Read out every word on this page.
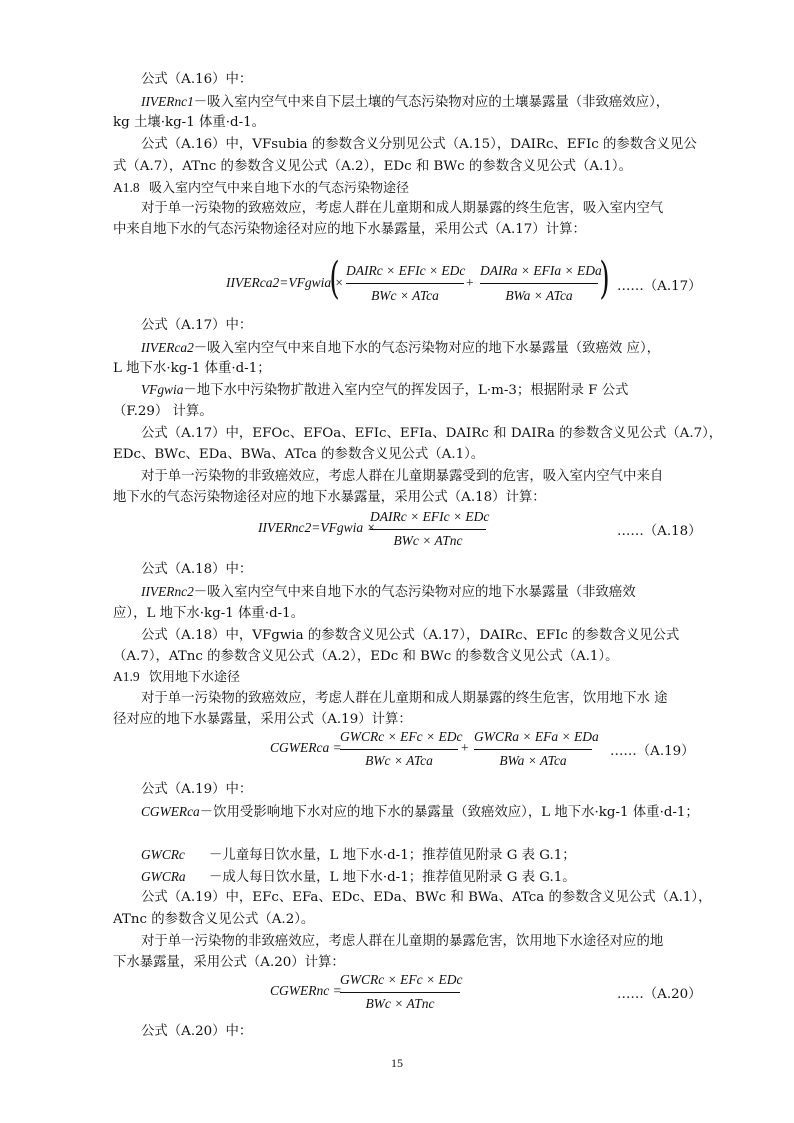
公式（A.16）中：
IIVERnc1－吸入室内空气中来自下层土壤的气态污染物对应的土壤暴露量（非致癌效应），
kg 土壤·kg-1 体重·d-1。
公式（A.16）中，VFsubia 的参数含义分别见公式（A.15），DAIRc、EFIc 的参数含义见公
式（A.7），ATnc 的参数含义见公式（A.2），EDc 和 BWc 的参数含义见公式（A.1）。
A1.8 吸入室内空气中来自地下水的气态污染物途径
对于单一污染物的致癌效应，考虑人群在儿童期和成人期暴露的终生危害，吸入室内空气
中来自地下水的气态污染物途径对应的地下水暴露量，采用公式（A.17）计算：
IIVERca2=VFgwia ×
( DAIRc × EFIc × EDc
BWc × ATca
+
DAIRa × EFIa × EDa
BWa × ATca ) ……（A.17）
公式（A.17）中：
IIVERca2－吸入室内空气中来自地下水的气态污染物对应的地下水暴露量（致癌效 应），
L 地下水·kg-1 体重·d-1；
VFgwia－地下水中污染物扩散进入室内空气的挥发因子，L·m-3；根据附录 F 公式
（F.29） 计算。
公式（A.17）中，EFOc、EFOa、EFIc、EFIa、DAIRc 和 DAIRa 的参数含义见公式（A.7），
EDc、BWc、EDa、BWa、ATca 的参数含义见公式（A.1）。
对于单一污染物的非致癌效应，考虑人群在儿童期暴露受到的危害，吸入室内空气中来自
地下水的气态污染物途径对应的地下水暴露量，采用公式（A.18）计算：
IIVERnc2=VFgwia ×
DAIRc × EFIc × EDc
BWc × ATnc
……（A.18）
公式（A.18）中：
IIVERnc2－吸入室内空气中来自地下水的气态污染物对应的地下水暴露量（非致癌效
应），L 地下水·kg-1 体重·d-1。
公式（A.18）中，VFgwia 的参数含义见公式（A.17），DAIRc、EFIc 的参数含义见公式
（A.7），ATnc 的参数含义见公式（A.2），EDc 和 BWc 的参数含义见公式（A.1）。
A1.9 饮用地下水途径
对于单一污染物的致癌效应，考虑人群在儿童期和成人期暴露的终生危害，饮用地下水 途
径对应的地下水暴露量，采用公式（A.19）计算：
CGWERca =
GWCRc × EFc × EDc
BWc × ATca
+
GWCRa × EFa × EDa
BWa × ATca
……（A.19）
公式（A.19）中：
CGWERca－饮用受影响地下水对应的地下水的暴露量（致癌效应），L 地下水·kg-1 体重·d-1；
GWCRc －儿童每日饮水量，L 地下水·d-1；推荐值见附录 G 表 G.1；
GWCRa －成人每日饮水量，L 地下水·d-1；推荐值见附录 G 表 G.1。
公式（A.19）中，EFc、EFa、EDc、EDa、BWc 和 BWa、ATca 的参数含义见公式（A.1），
ATnc 的参数含义见公式（A.2）。
对于单一污染物的非致癌效应，考虑人群在儿童期的暴露危害，饮用地下水途径对应的地
下水暴露量，采用公式（A.20）计算：
CGWERnc =
GWCRc × EFc × EDc
BWc × ATnc
……（A.20）
公式（A.20）中：
15
